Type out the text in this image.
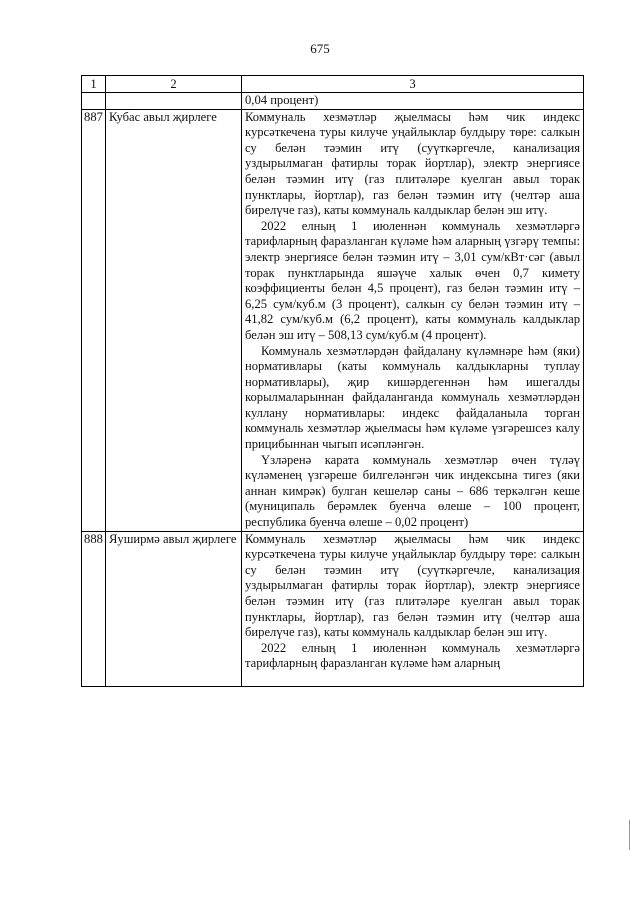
675
1	2	3
		0,04 процент)
887	Кубас авыл җирлеге	Коммуналь хезмәтләр җыелмасы һәм чик индекс курсәткечена туры килуче уңайлыклар булдыру төре: салкын су белән тәэмин итү (суүткәргечле, канализация уздырылмаган фатирлы торак йортлар), электр энергиясе белән тәэмин итү (газ плитәләре куелган авыл торак пунктлары, йортлар), газ белән тәэмин итү (челтәр аша бирелүче газ), каты коммуналь калдыклар белән эш итү.

2022 елның 1 июленнән коммуналь хезмәтләргә тарифларның фаразланган күләме һәм аларның үзгәрү темпы: электр энергиясе белән тәэмин итү – 3,01 сум/кВт·сәг (авыл торак пунктларында яшәүче халык өчен 0,7 кимету коэффициенты белән 4,5 процент), газ белән тәэмин итү – 6,25 сум/куб.м (3 процент), салкын су белән тәэмин итү – 41,82 сум/куб.м (6,2 процент), каты коммуналь калдыклар белән эш итү – 508,13 сум/куб.м (4 процент).

Коммуналь хезмәтләрдән файдалану күләмнәре һәм (яки) нормативлары (каты коммуналь калдыкларны туплау нормативлары), җир кишәрдегеннән һәм ишегалды корылмаларыннан файдаланганда коммуналь хезмәтләрдән куллану нормативлары: индекс файдаланыла торган коммуналь хезмәтләр җыелмасы һәм күләме үзгәрешсез калу прицибыннан чыгып исәпләнгән.

Үзләренә карата коммуналь хезмәтләр өчен түләү күләменең үзгәреше билгеләнгән чик индексына тигез (яки аннан кимрәк) булган кешеләр саны – 686 теркәлгән кеше (муниципаль берәмлек буенча өлеше – 100 процент, республика буенча өлеше – 0,02 процент)

888	Яуширмә авыл җирлеге	Коммуналь хезмәтләр җыелмасы һәм чик индекс курсәткечена туры килуче уңайлыклар булдыру төре: салкын су белән тәэмин итү (суүткәргечле, канализация уздырылмаган фатирлы торак йортлар), электр энергиясе белән тәэмин итү (газ плитәләре куелган авыл торак пунктлары, йортлар), газ белән тәэмин итү (челтәр аша бирелүче газ), каты коммуналь калдыклар белән эш итү.

2022 елның 1 июленнән коммуналь хезмәтләргә тарифларның фаразланган күләме һәм аларның
